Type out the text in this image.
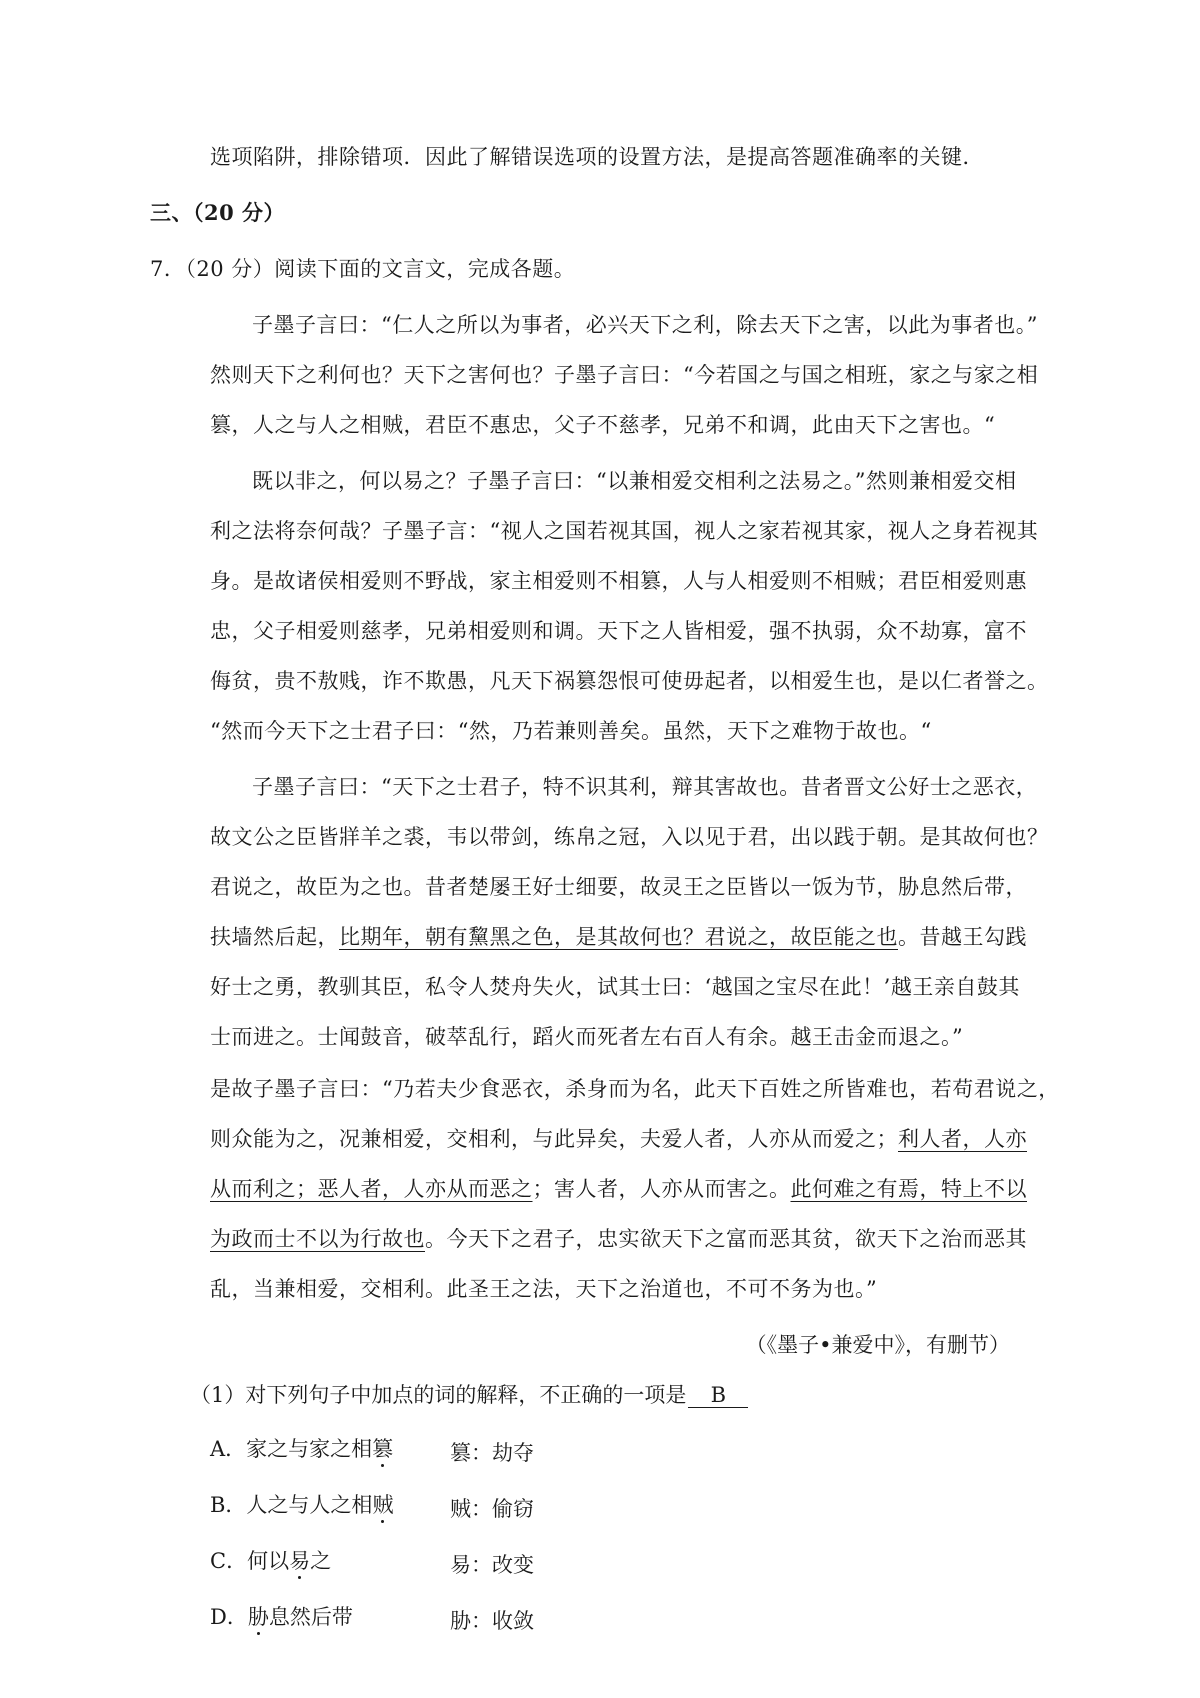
选项陷阱，排除错项．因此了解错误选项的设置方法，是提高答题准确率的关键．
三、（20 分）
7．（20 分）阅读下面的文言文，完成各题。
子墨子言曰：“仁人之所以为事者，必兴天下之利，除去天下之害，以此为事者也。”
然则天下之利何也？天下之害何也？子墨子言曰：“今若国之与国之相班，家之与家之相
篡，人之与人之相贼，君臣不惠忠，父子不慈孝，兄弟不和调，此由天下之害也。“
既以非之，何以易之？子墨子言曰：“以兼相爱交相利之法易之。”然则兼相爱交相
利之法将奈何哉？子墨子言：“视人之国若视其国，视人之家若视其家，视人之身若视其
身。是故诸侯相爱则不野战，家主相爱则不相篡，人与人相爱则不相贼；君臣相爱则惠
忠，父子相爱则慈孝，兄弟相爱则和调。天下之人皆相爱，强不执弱，众不劫寡，富不
侮贫，贵不敖贱，诈不欺愚，凡天下祸篡怨恨可使毋起者，以相爱生也，是以仁者誉之。
“然而今天下之士君子曰：“然，乃若兼则善矣。虽然，天下之难物于故也。“
子墨子言曰：“天下之士君子，特不识其利，辩其害故也。昔者晋文公好士之恶衣，
故文公之臣皆牂羊之裘，韦以带剑，练帛之冠，入以见于君，出以践于朝。是其故何也？
君说之，故臣为之也。昔者楚屡王好士细要，故灵王之臣皆以一饭为节，胁息然后带，
扶墙然后起，比期年，朝有黧黑之色，是其故何也？君说之，故臣能之也。昔越王勾践
好士之勇，教驯其臣，私令人焚舟失火，试其士曰：‘越国之宝尽在此！’越王亲自鼓其
士而进之。士闻鼓音，破萃乱行，蹈火而死者左右百人有余。越王击金而退之。”
是故子墨子言曰：“乃若夫少食恶衣，杀身而为名，此天下百姓之所皆难也，若苟君说之，
则众能为之，况兼相爱，交相利，与此异矣，夫爱人者，人亦从而爱之；利人者，人亦
从而利之；恶人者，人亦从而恶之；害人者，人亦从而害之。此何难之有焉，特上不以
为政而士不以为行故也。今天下之君子，忠实欲天下之富而恶其贫，欲天下之治而恶其
乱，当兼相爱，交相利。此圣王之法，天下之治道也，不可不务为也。”
（《墨子•兼爱中》，有删节）
（1）对下列句子中加点的词的解释，不正确的一项是 B
A．家之与家之相篡	篡：劫夺
B．人之与人之相贼	贼：偷窃
C．何以易之	易：改变
D．胁息然后带	胁：收敛
